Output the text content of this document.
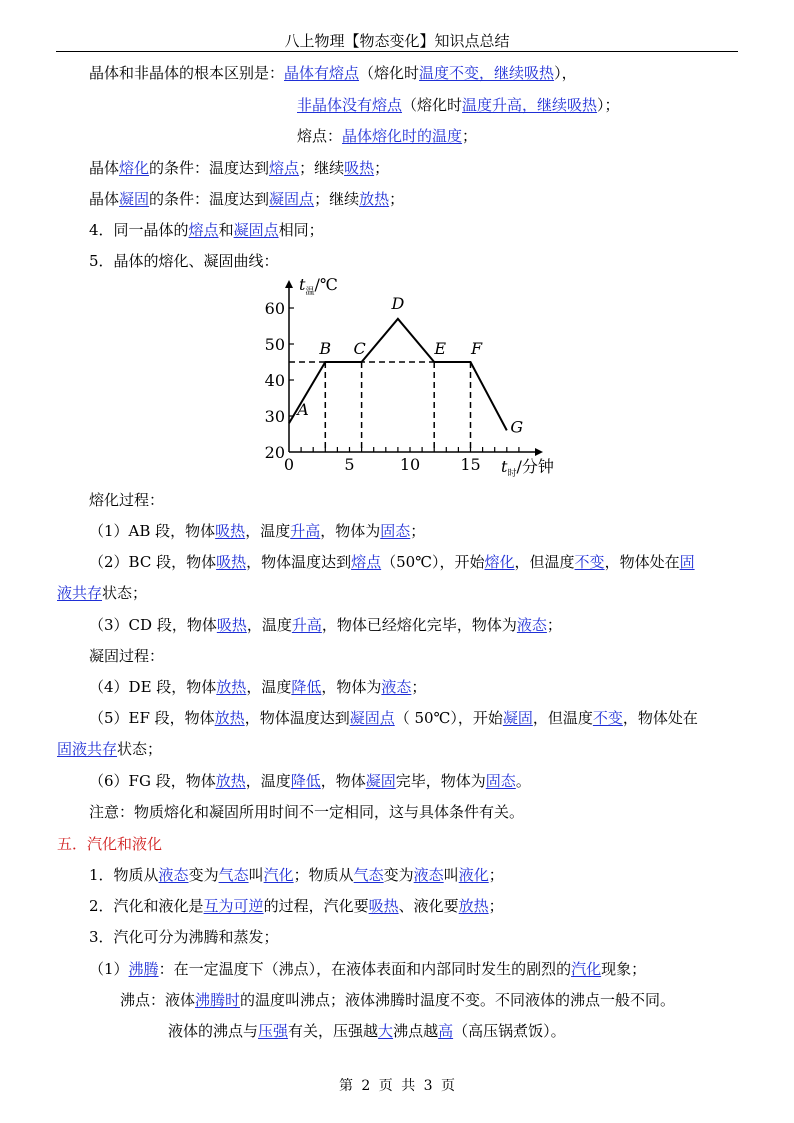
八上物理【物态变化】知识点总结
晶体和非晶体的根本区别是：晶体有熔点（熔化时温度不变，继续吸热），
非晶体没有熔点（熔化时温度升高，继续吸热）；
熔点：晶体熔化时的温度；
晶体熔化的条件：温度达到熔点；继续吸热；
晶体凝固的条件：温度达到凝固点；继续放热；
4．同一晶体的熔点和凝固点相同；
5．晶体的熔化、凝固曲线：
熔化过程：
（1）AB 段，物体吸热，温度升高，物体为固态；
（2）BC 段，物体吸热，物体温度达到熔点（50℃），开始熔化，但温度不变，物体处在固
液共存状态；
（3）CD 段，物体吸热，温度升高，物体已经熔化完毕，物体为液态；
凝固过程：
（4）DE 段，物体放热，温度降低，物体为液态；
（5）EF 段，物体放热，物体温度达到凝固点（ 50℃），开始凝固，但温度不变，物体处在
固液共存状态；
（6）FG 段，物体放热，温度降低，物体凝固完毕，物体为固态。
注意：物质熔化和凝固所用时间不一定相同，这与具体条件有关。
五．汽化和液化
1．物质从液态变为气态叫汽化；物质从气态变为液态叫液化；
2．汽化和液化是互为可逆的过程，汽化要吸热、液化要放热；
3．汽化可分为沸腾和蒸发；
（1）沸腾：在一定温度下（沸点），在液体表面和内部同时发生的剧烈的汽化现象；
沸点：液体沸腾时的温度叫沸点；液体沸腾时温度不变。不同液体的沸点一般不同。
液体的沸点与压强有关，压强越大沸点越高（高压锅煮饭）。
20
30
40
50
60
0	5	10	15
A
B C
D
E F
G
$t_温/℃$
$t_时/$分钟
第 2 页 共 3 页
